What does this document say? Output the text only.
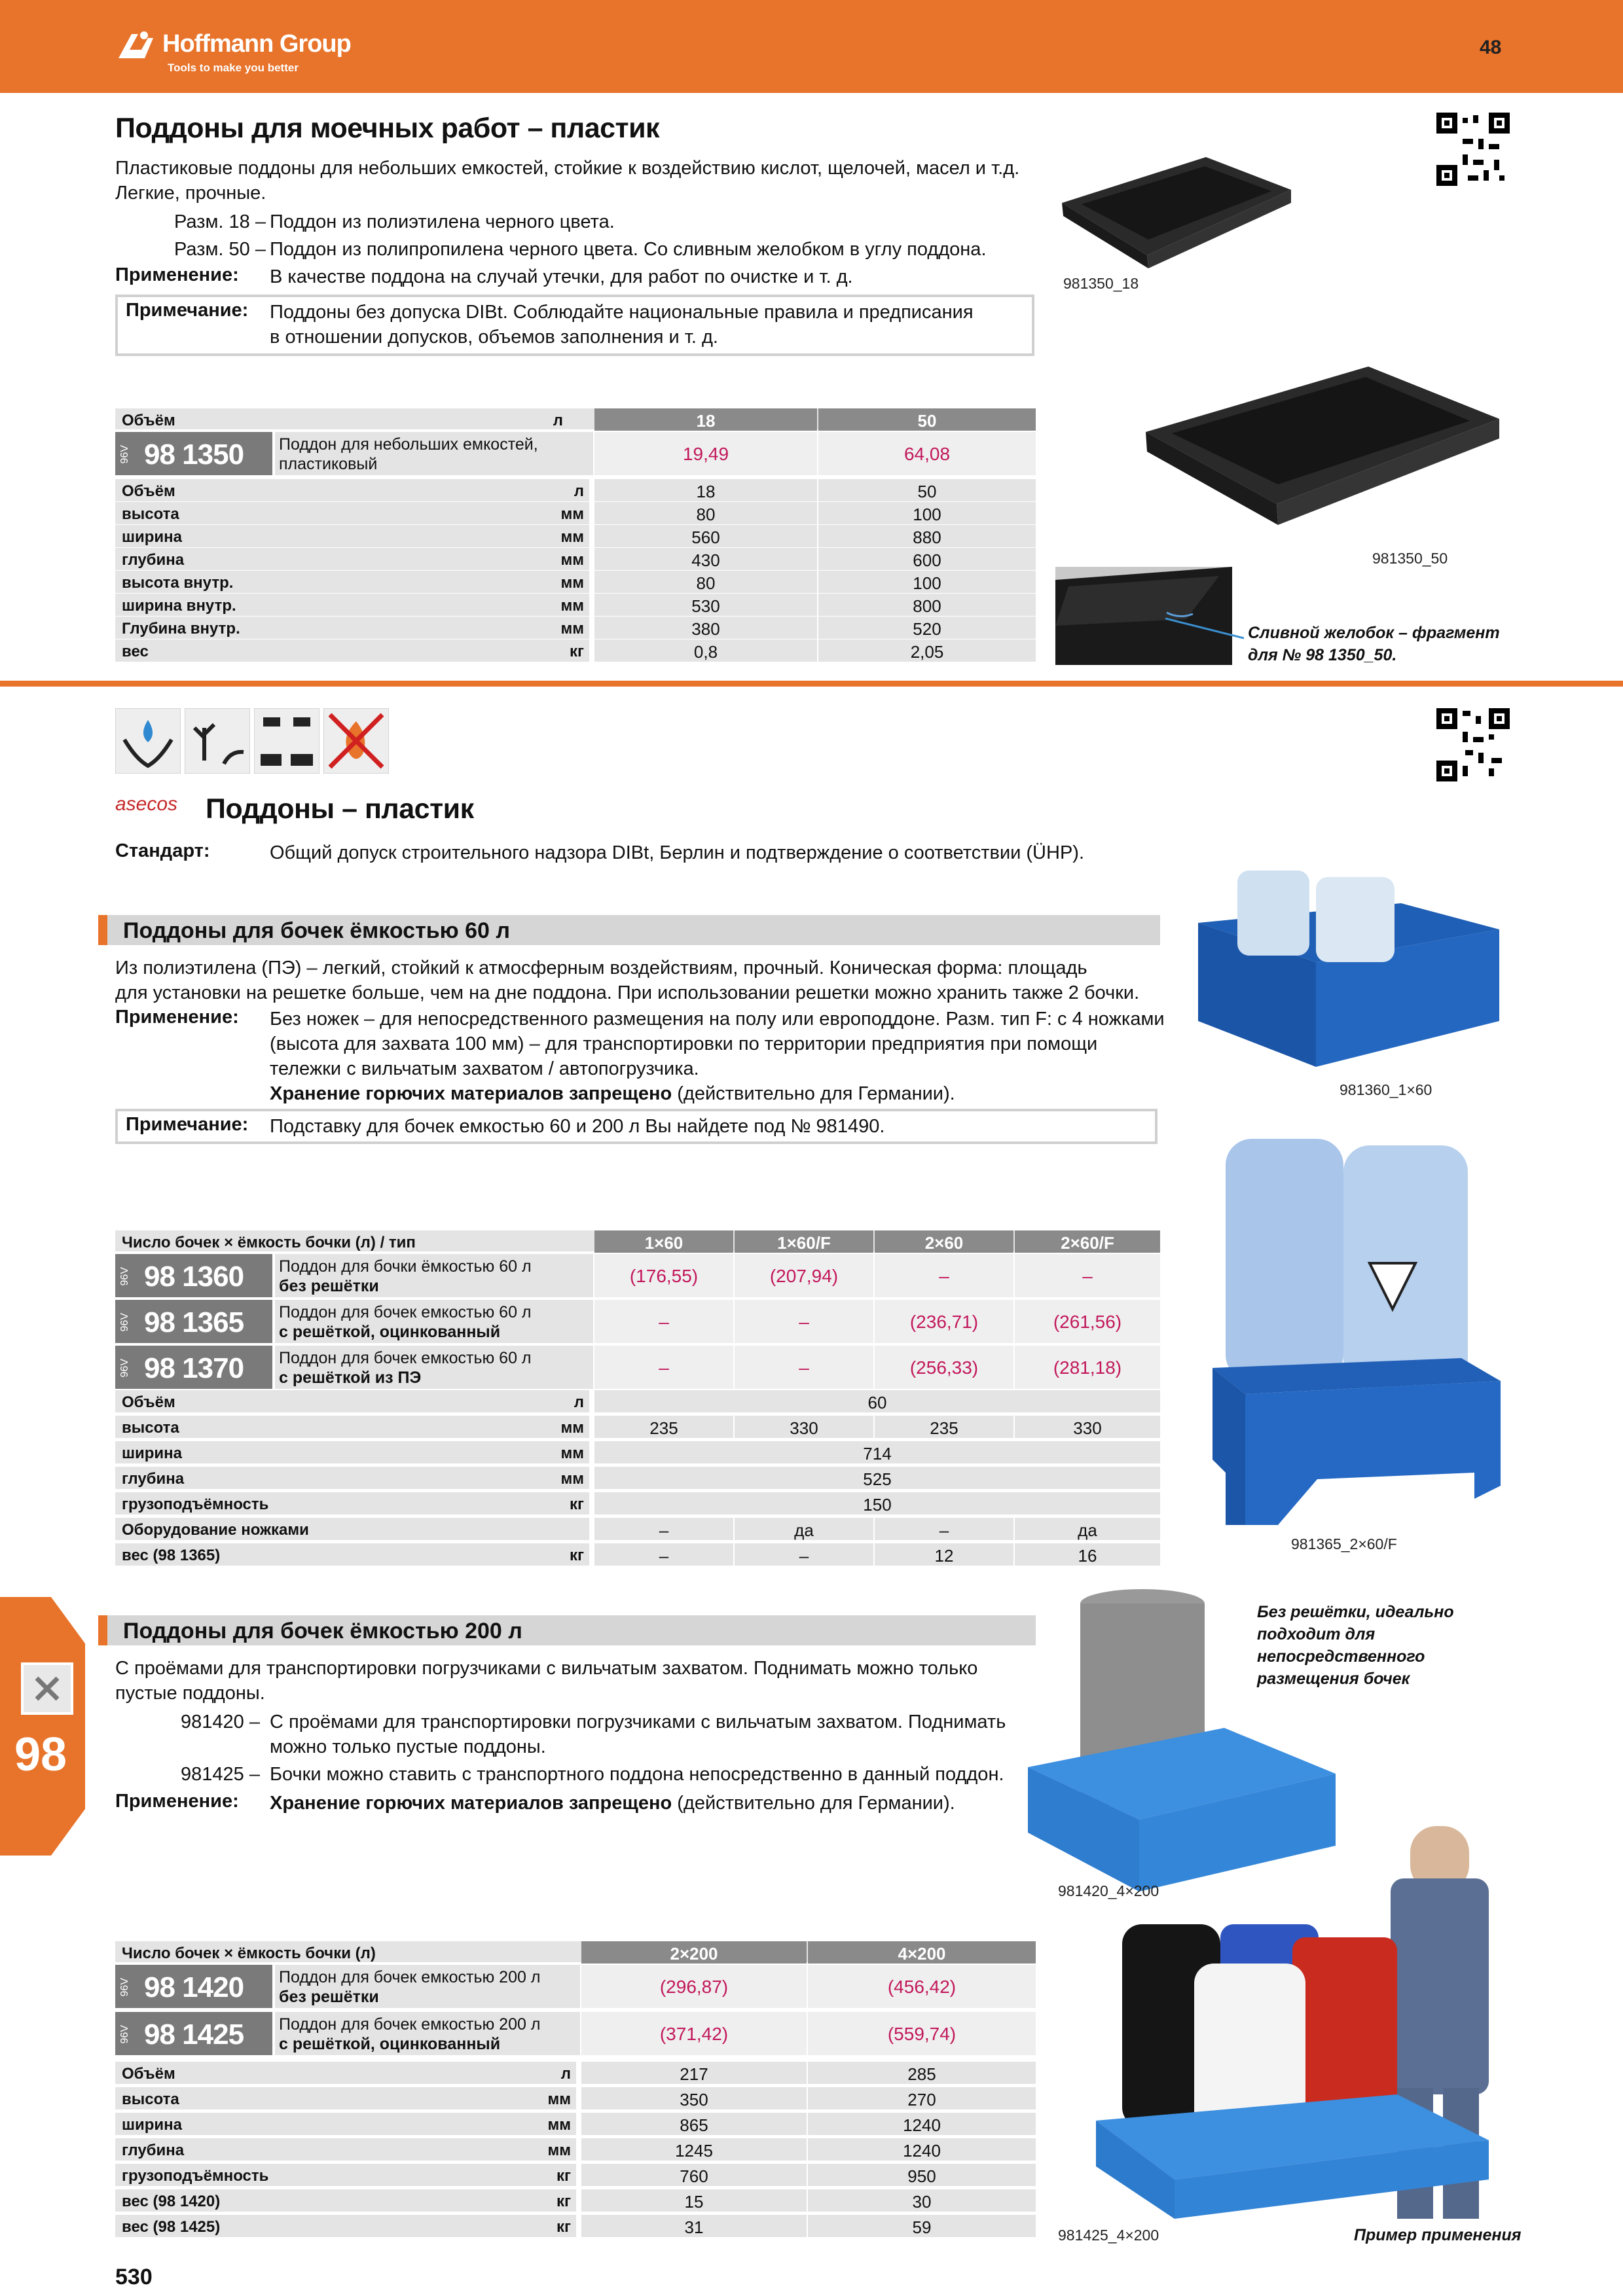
Hoffmann Group
Tools to make you better
48	RUE
Поддоны для моечных работ – пластик
Пластиковые поддоны для небольших емкостей, стойкие к воздействию кислот, щелочей, масел и т.д.
Легкие, прочные.
Разм. 18 – Поддон из полиэтилена черного цвета.
Разм. 50 – Поддон из полипропилена черного цвета. Со сливным желобком в углу поддона.
Применение: В качестве поддона на случай утечки, для работ по очистке и т. д.
Примечание: Поддоны без допуска DIBt. Соблюдайте национальные правила и предписания
в отношении допусков, объемов заполнения и т. д.
981350_18
981350_50
Сливной желобок – фрагмент
для № 98 1350_50.
Объём	л	18	50
96V 98 1350 Поддон для небольших емкостей,
пластиковый	19,49	64,08
asecos Поддоны – пластик
Стандарт:	Общий допуск строительного надзора DIBt, Берлин и подтверждение о соответствии (ÜHP).
Поддоны для бочек ёмкостью 60 л
Из полиэтилена (ПЭ) – легкий, стойкий к атмосферным воздействиям, прочный. Коническая форма: площадь
для установки на решетке больше, чем на дне поддона. При использовании решетки можно хранить также 2 бочки.
Применение: Без ножек – для непосредственного размещения на полу или европоддоне. Разм. тип F: с 4 ножками
(высота для захвата 100 мм) – для транспортировки по территории предприятия при помощи
тележки с вильчатым захватом / автопогрузчика.
Хранение горючих материалов запрещено (действительно для Германии).
Примечание: Подставку для бочек емкостью 60 и 200 л Вы найдете под № 981490.
981360_1×60
981365_2×60/F
Число бочек × ёмкость бочки (л) / тип	1×60	1×60/F	2×60	2×60/F
Поддоны для бочек ёмкостью 200 л
С проёмами для транспортировки погрузчиками с вильчатым захватом. Поднимать можно только
пустые поддоны.
981420 – С проёмами для транспортировки погрузчиками с вильчатым захватом. Поднимать
можно только пустые поддоны.
981425 – Бочки можно ставить с транспортного поддона непосредственно в данный поддон.
Применение: Хранение горючих материалов запрещено (действительно для Германии).
Без решётки, идеально
подходит для
непосредственного
размещения бочек
981420_4×200
981425_4×200	Пример применения
Число бочек × ёмкость бочки (л)	2×200	4×200
98
530
Объём	л	18	50
высота	мм	80	100
ширина	мм	560	880
глубина	мм	430	600
высота внутр.	мм	80	100
ширина внутр.	мм	530	800
Глубина внутр.	мм	380	520
вес	кг	0,8	2,05
96V 98 1360 Поддон для бочки ёмкостью 60 л
без решётки	(176,55)	(207,94)	–	–
96V 98 1365 Поддон для бочек емкостью 60 л
с решёткой, оцинкованный	–	–	(236,71)	(261,56)
96V 98 1370 Поддон для бочек емкостью 60 л
с решёткой из ПЭ	–	–	(256,33)	(281,18)
Объём	л	60
высота	мм	235	330	235	330
ширина	мм	714
глубина	мм	525
грузоподъёмность	кг	150
Оборудование ножками	–	да	–	да
вес (98 1365)	кг	–	–	12	16
96V 98 1420 Поддон для бочек емкостью 200 л
без решётки	(296,87)	(456,42)
96V 98 1425 Поддон для бочек емкостью 200 л
с решёткой, оцинкованный	(371,42)	(559,74)
Объём	л	217	285
высота	мм	350	270
ширина	мм	865	1240
глубина	мм	1245	1240
грузоподъёмность	кг	760	950
вес (98 1420)	кг	15	30
вес (98 1425)	кг	31	59
